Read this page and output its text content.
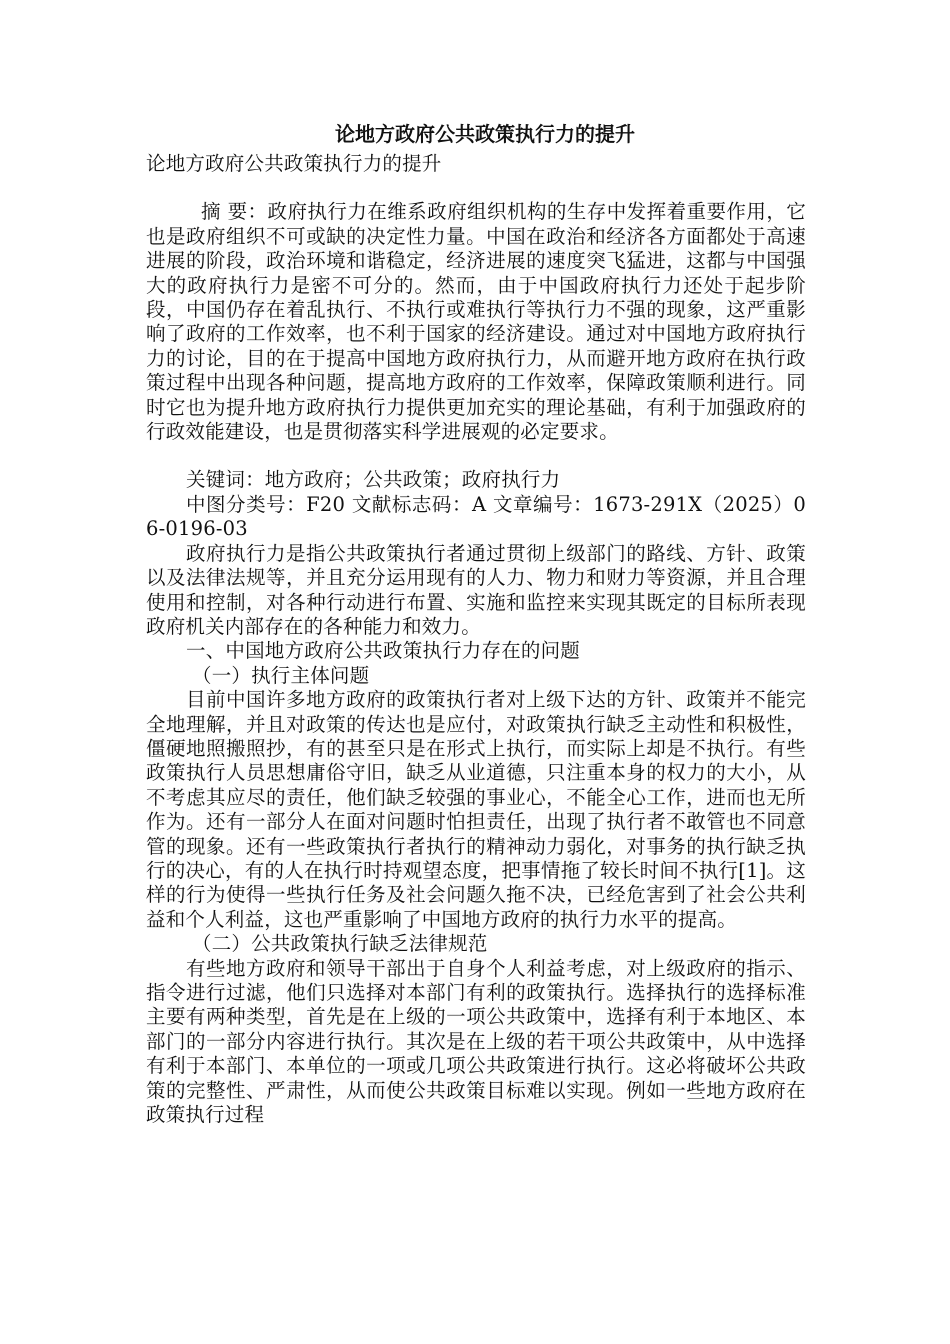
论地方政府公共政策执行力的提升

论地方政府公共政策执行力的提升

摘 要：政府执行力在维系政府组织机构的生存中发挥着重要作用，它也是政府组织不可或缺的决定性力量。中国在政治和经济各方面都处于高速进展的阶段，政治环境和谐稳定，经济进展的速度突飞猛进，这都与中国强大的政府执行力是密不可分的。然而，由于中国政府执行力还处于起步阶段，中国仍存在着乱执行、不执行或难执行等执行力不强的现象，这严重影响了政府的工作效率，也不利于国家的经济建设。通过对中国地方政府执行力的讨论，目的在于提高中国地方政府执行力，从而避开地方政府在执行政策过程中出现各种问题，提高地方政府的工作效率，保障政策顺利进行。同时它也为提升地方政府执行力提供更加充实的理论基础，有利于加强政府的行政效能建设，也是贯彻落实科学进展观的必定要求。

关键词：地方政府；公共政策；政府执行力

中图分类号：F20 文献标志码：A 文章编号：1673-291X（2025）06-0196-03

政府执行力是指公共政策执行者通过贯彻上级部门的路线、方针、政策以及法律法规等，并且充分运用现有的人力、物力和财力等资源，并且合理使用和控制，对各种行动进行布置、实施和监控来实现其既定的目标所表现政府机关内部存在的各种能力和效力。

一、中国地方政府公共政策执行力存在的问题

（一）执行主体问题

目前中国许多地方政府的政策执行者对上级下达的方针、政策并不能完全地理解，并且对政策的传达也是应付，对政策执行缺乏主动性和积极性，僵硬地照搬照抄，有的甚至只是在形式上执行，而实际上却是不执行。有些政策执行人员思想庸俗守旧，缺乏从业道德，只注重本身的权力的大小，从不考虑其应尽的责任，他们缺乏较强的事业心，不能全心工作，进而也无所作为。还有一部分人在面对问题时怕担责任，出现了执行者不敢管也不同意管的现象。还有一些政策执行者执行的精神动力弱化，对事务的执行缺乏执行的决心，有的人在执行时持观望态度，把事情拖了较长时间不执行[1]。这样的行为使得一些执行任务及社会问题久拖不决，已经危害到了社会公共利益和个人利益，这也严重影响了中国地方政府的执行力水平的提高。

（二）公共政策执行缺乏法律规范

有些地方政府和领导干部出于自身个人利益考虑，对上级政府的指示、指令进行过滤，他们只选择对本部门有利的政策执行。选择执行的选择标准主要有两种类型，首先是在上级的一项公共政策中，选择有利于本地区、本部门的一部分内容进行执行。其次是在上级的若干项公共政策中，从中选择有利于本部门、本单位的一项或几项公共政策进行执行。这必将破坏公共政策的完整性、严肃性，从而使公共政策目标难以实现。例如一些地方政府在政策执行过程
